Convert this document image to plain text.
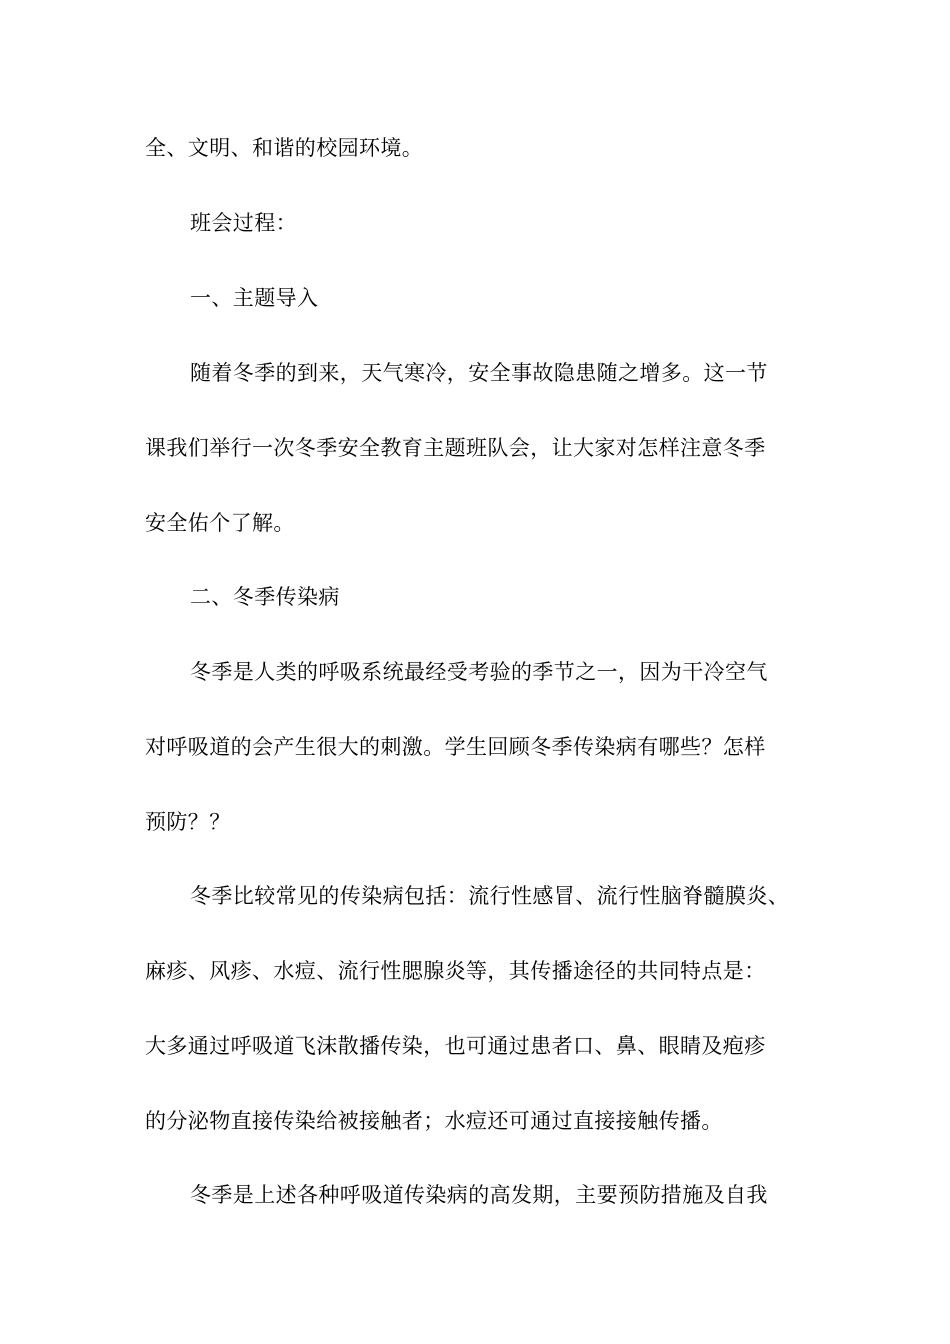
全、文明、和谐的校园环境。
班会过程：
一、主题导入
随着冬季的到来，天气寒冷，安全事故隐患随之增多。这一节
课我们举行一次冬季安全教育主题班队会，让大家对怎样注意冬季
安全佑个了解。
二、冬季传染病
冬季是人类的呼吸系统最经受考验的季节之一，因为干冷空气
对呼吸道的会产生很大的刺激。学生回顾冬季传染病有哪些？怎样
预防？？
冬季比较常见的传染病包括：流行性感冒、流行性脑脊髓膜炎、
麻疹、风疹、水痘、流行性腮腺炎等，其传播途径的共同特点是：
大多通过呼吸道飞沫散播传染，也可通过患者口、鼻、眼睛及疱疹
的分泌物直接传染给被接触者；水痘还可通过直接接触传播。
冬季是上述各种呼吸道传染病的高发期，主要预防措施及自我
